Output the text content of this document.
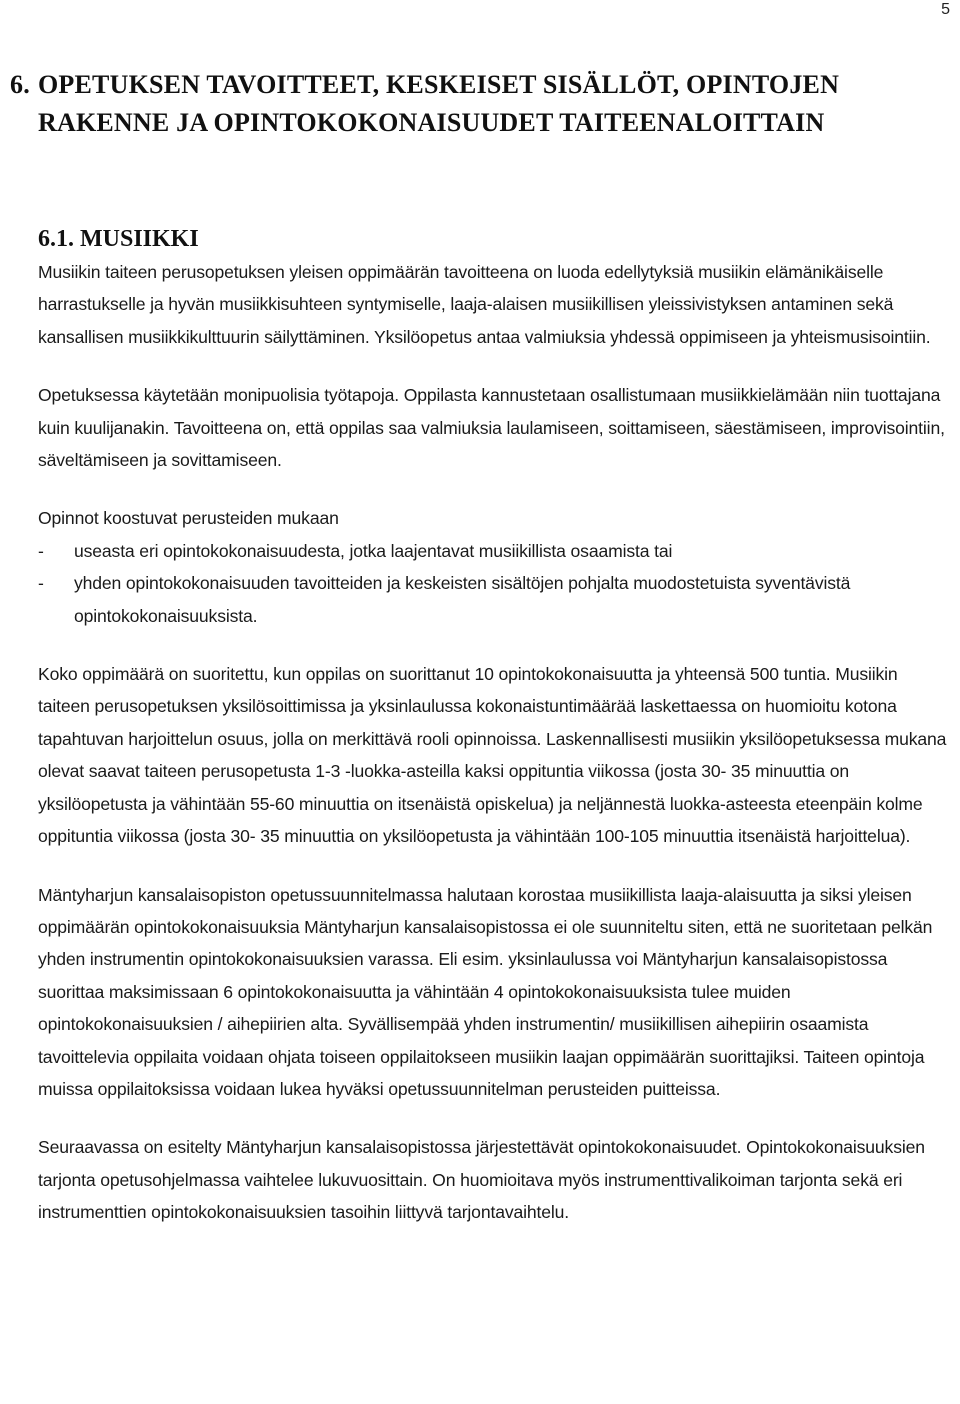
5
6. OPETUKSEN TAVOITTEET, KESKEISET SISÄLLÖT, OPINTOJEN
RAKENNE JA OPINTOKOKONAISUUDET TAITEENALOITTAIN
6.1. MUSIIKKI

Musiikin taiteen perusopetuksen yleisen oppimäärän tavoitteena on luoda edellytyksiä musiikin elämänikäiselle harrastukselle ja hyvän musiikkisuhteen syntymiselle, laaja-alaisen musiikillisen yleissivistyksen antaminen sekä kansallisen musiikkikulttuurin säilyttäminen. Yksilöopetus antaa valmiuksia yhdessä oppimiseen ja yhteismusisointiin.

Opetuksessa käytetään monipuolisia työtapoja. Oppilasta kannustetaan osallistumaan musiikkielämään niin tuottajana kuin kuulijanakin. Tavoitteena on, että oppilas saa valmiuksia laulamiseen, soittamiseen, säestämiseen, improvisointiin, säveltämiseen ja sovittamiseen.

Opinnot koostuvat perusteiden mukaan

-	useasta eri opintokokonaisuudesta, jotka laajentavat musiikillista osaamista tai
-	yhden opintokokonaisuuden tavoitteiden ja keskeisten sisältöjen pohjalta muodostetuista syventävistä opintokokonaisuuksista.

Koko oppimäärä on suoritettu, kun oppilas on suorittanut 10 opintokokonaisuutta ja yhteensä 500 tuntia. Musiikin taiteen perusopetuksen yksilösoittimissa ja yksinlaulussa kokonaistuntimäärää laskettaessa on huomioitu kotona tapahtuvan harjoittelun osuus, jolla on merkittävä rooli opinnoissa. Laskennallisesti musiikin yksilöopetuksessa mukana olevat saavat taiteen perusopetusta 1-3 -luokka-asteilla kaksi oppituntia viikossa (josta 30- 35 minuuttia on yksilöopetusta ja vähintään 55-60 minuuttia on itsenäistä opiskelua) ja neljännestä luokka-asteesta eteenpäin kolme oppituntia viikossa (josta 30- 35 minuuttia on yksilöopetusta ja vähintään 100-105 minuuttia itsenäistä harjoittelua).

Mäntyharjun kansalaisopiston opetussuunnitelmassa halutaan korostaa musiikillista laaja-alaisuutta ja siksi yleisen oppimäärän opintokokonaisuuksia Mäntyharjun kansalaisopistossa ei ole suunniteltu siten, että ne suoritetaan pelkän yhden instrumentin opintokokonaisuuksien varassa. Eli esim. yksinlaulussa voi Mäntyharjun kansalaisopistossa suorittaa maksimissaan 6 opintokokonaisuutta ja vähintään 4 opintokokonaisuuksista tulee muiden opintokokonaisuuksien / aihepiirien alta. Syvällisempää yhden instrumentin/ musiikillisen aihepiirin osaamista tavoittelevia oppilaita voidaan ohjata toiseen oppilaitokseen musiikin laajan oppimäärän suorittajiksi. Taiteen opintoja muissa oppilaitoksissa voidaan lukea hyväksi opetussuunnitelman perusteiden puitteissa.

Seuraavassa on esitelty Mäntyharjun kansalaisopistossa järjestettävät opintokokonaisuudet. Opintokokonaisuuksien tarjonta opetusohjelmassa vaihtelee lukuvuosittain. On huomioitava myös instrumenttivalikoiman tarjonta sekä eri instrumenttien opintokokonaisuuksien tasoihin liittyvä tarjontavaihtelu.
